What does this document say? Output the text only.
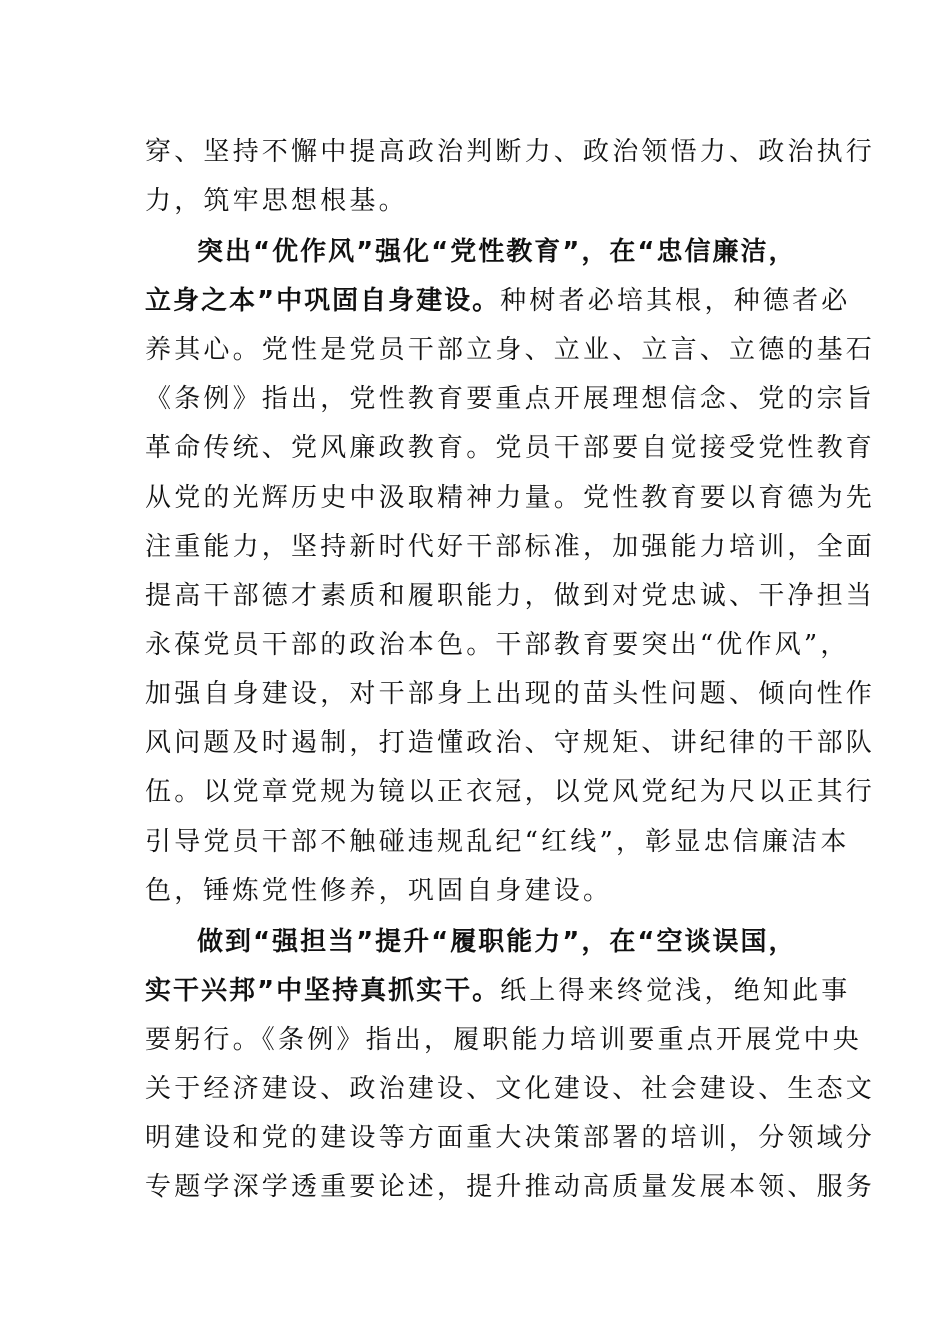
穿、坚持不懈中提高政治判断力、政治领悟力、政治执行
力，筑牢思想根基。
突出“优作风”强化“党性教育”，在“忠信廉洁，
立身之本”中巩固自身建设。种树者必培其根，种德者必
养其心。党性是党员干部立身、立业、立言、立德的基石
《条例》指出，党性教育要重点开展理想信念、党的宗旨
革命传统、党风廉政教育。党员干部要自觉接受党性教育
从党的光辉历史中汲取精神力量。党性教育要以育德为先
注重能力，坚持新时代好干部标准，加强能力培训，全面
提高干部德才素质和履职能力，做到对党忠诚、干净担当
永葆党员干部的政治本色。干部教育要突出“优作风”，
加强自身建设，对干部身上出现的苗头性问题、倾向性作
风问题及时遏制，打造懂政治、守规矩、讲纪律的干部队
伍。以党章党规为镜以正衣冠，以党风党纪为尺以正其行
引导党员干部不触碰违规乱纪“红线”，彰显忠信廉洁本
色，锤炼党性修养，巩固自身建设。
做到“强担当”提升“履职能力”，在“空谈误国，
实干兴邦”中坚持真抓实干。纸上得来终觉浅，绝知此事
要躬行。《条例》指出，履职能力培训要重点开展党中央
关于经济建设、政治建设、文化建设、社会建设、生态文
明建设和党的建设等方面重大决策部署的培训，分领域分
专题学深学透重要论述，提升推动高质量发展本领、服务
